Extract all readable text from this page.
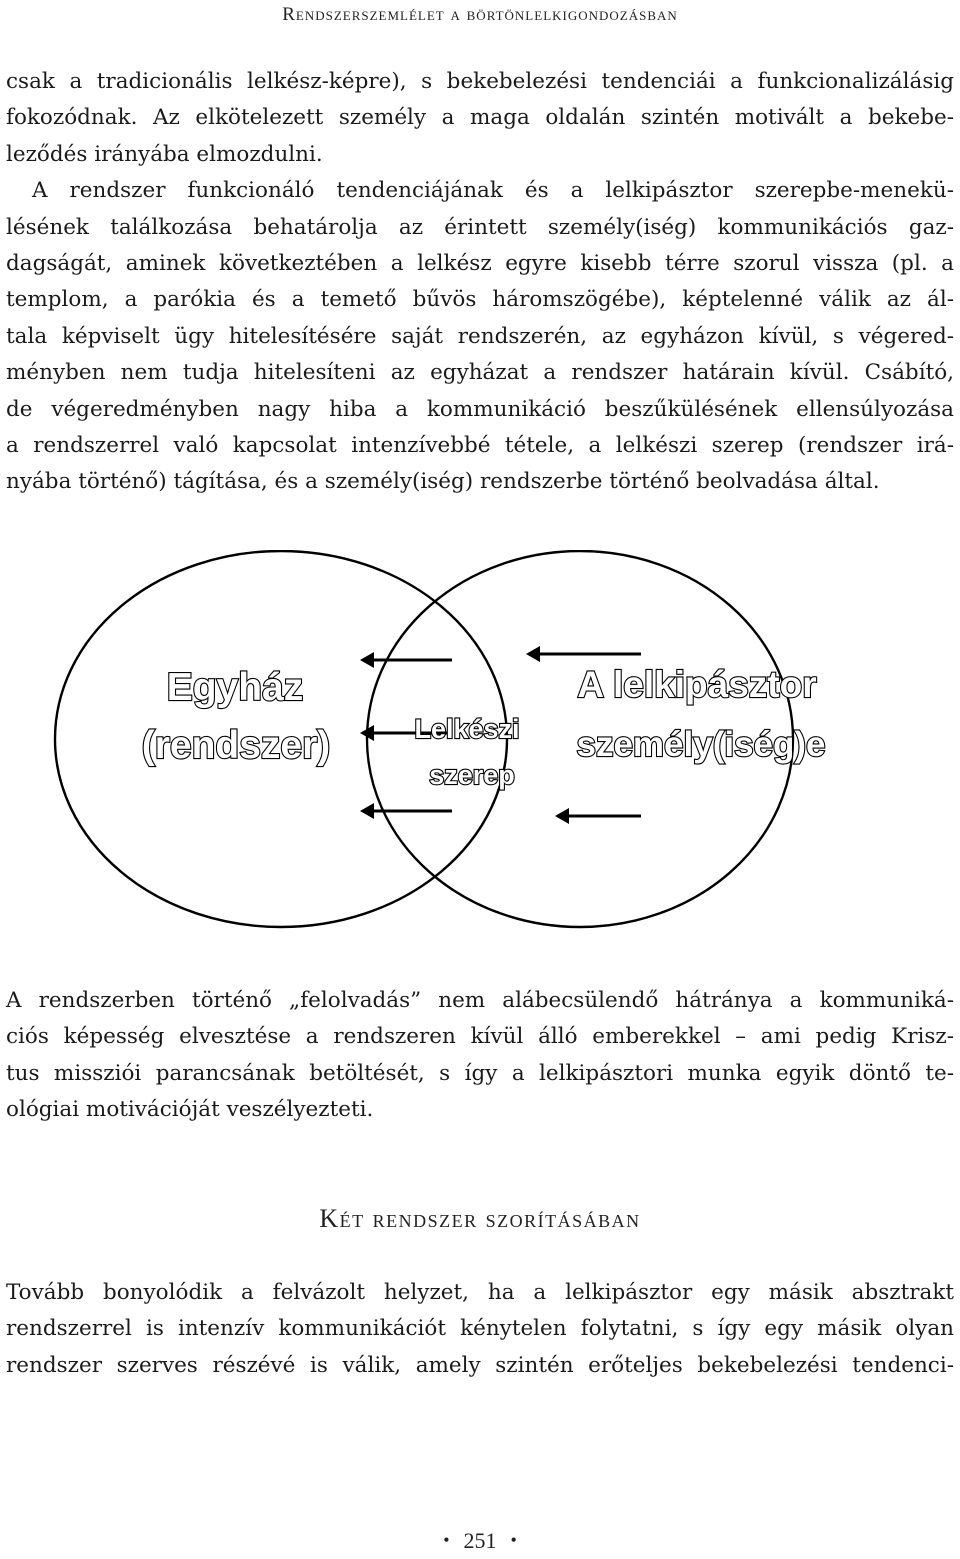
Rendszerszemlélet a börtönlelkigondozásban
csak a tradicionális lelkész-képre), s bekebelezési tendenciái a funkcionalizálásig
fokozódnak. Az elkötelezett személy a maga oldalán szintén motivált a bekebe-
leződés irányába elmozdulni.
A rendszer funkcionáló tendenciájának és a lelkipásztor szerepbe-menekü-
lésének találkozása behatárolja az érintett személy(iség) kommunikációs gaz-
dagságát, aminek következtében a lelkész egyre kisebb térre szorul vissza (pl. a
templom, a parókia és a temető bűvös háromszögébe), képtelenné válik az ál-
tala képviselt ügy hitelesítésére saját rendszerén, az egyházon kívül, s végered-
ményben nem tudja hitelesíteni az egyházat a rendszer határain kívül. Csábító,
de végeredményben nagy hiba a kommunikáció beszűkülésének ellensúlyozása
a rendszerrel való kapcsolat intenzívebbé tétele, a lelkészi szerep (rendszer irá-
nyába történő) tágítása, és a személy(iség) rendszerbe történő beolvadása által.
Egyház
(rendszer)	Lelkészi
szerep
A lelkipásztor
személy(iség)e
A rendszerben történő „felolvadás” nem alábecsülendő hátránya a kommuniká-
ciós képesség elvesztése a rendszeren kívül álló emberekkel – ami pedig Krisz-
tus missziói parancsának betöltését, s így a lelkipásztori munka egyik döntő te-
ológiai motivációját veszélyezteti.
Két rendszer szorításában
Tovább bonyolódik a felvázolt helyzet, ha a lelkipásztor egy másik absztrakt
rendszerrel is intenzív kommunikációt kénytelen folytatni, s így egy másik olyan
rendszer szerves részévé is válik, amely szintén erőteljes bekebelezési tendenci-
• 251 •
